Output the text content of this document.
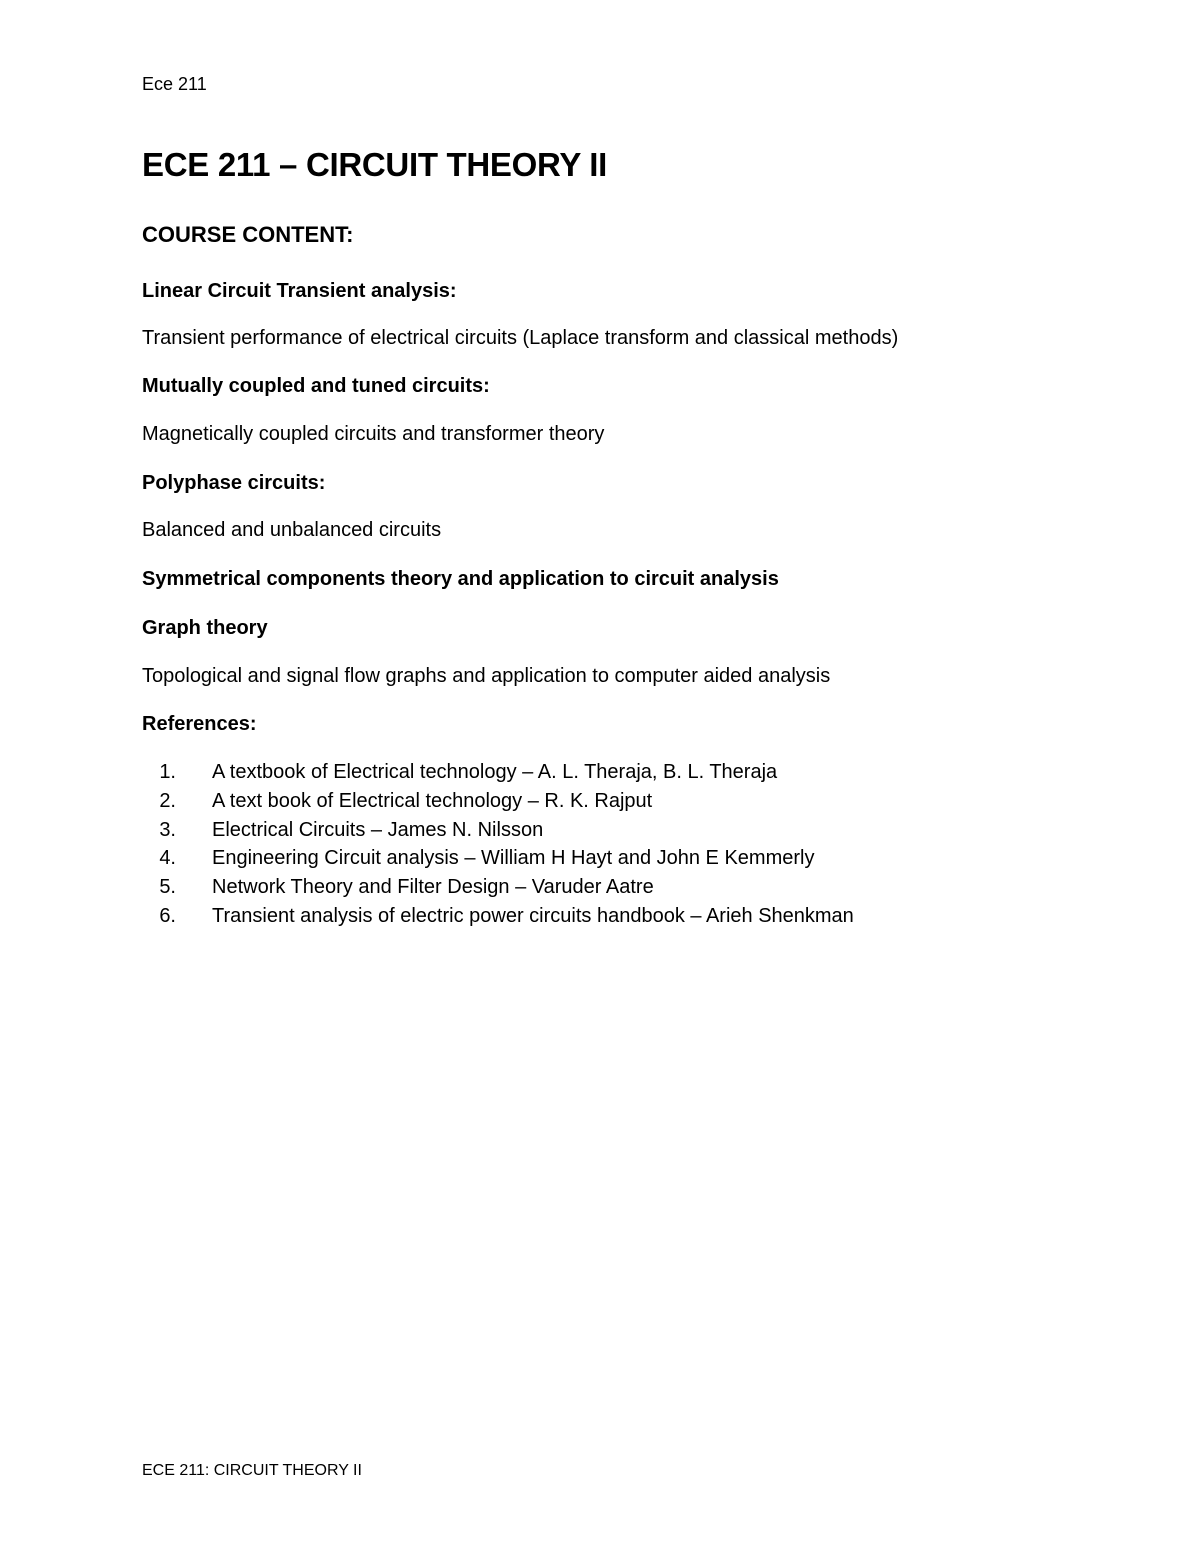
Ece 211
ECE 211 – CIRCUIT THEORY II
COURSE CONTENT:
Linear Circuit Transient analysis:
Transient performance of electrical circuits (Laplace transform and classical methods)
Mutually coupled and tuned circuits:
Magnetically coupled circuits and transformer theory
Polyphase circuits:
Balanced and unbalanced circuits
Symmetrical components theory and application to circuit analysis
Graph theory
Topological and signal flow graphs and application to computer aided analysis
References:
1. A textbook of Electrical technology – A. L. Theraja, B. L. Theraja
2. A text book of Electrical technology – R. K. Rajput
3. Electrical Circuits – James N. Nilsson
4. Engineering Circuit analysis – William H Hayt and John E Kemmerly
5. Network Theory and Filter Design – Varuder Aatre
6. Transient analysis of electric power circuits handbook – Arieh Shenkman
ECE 211: CIRCUIT THEORY II
